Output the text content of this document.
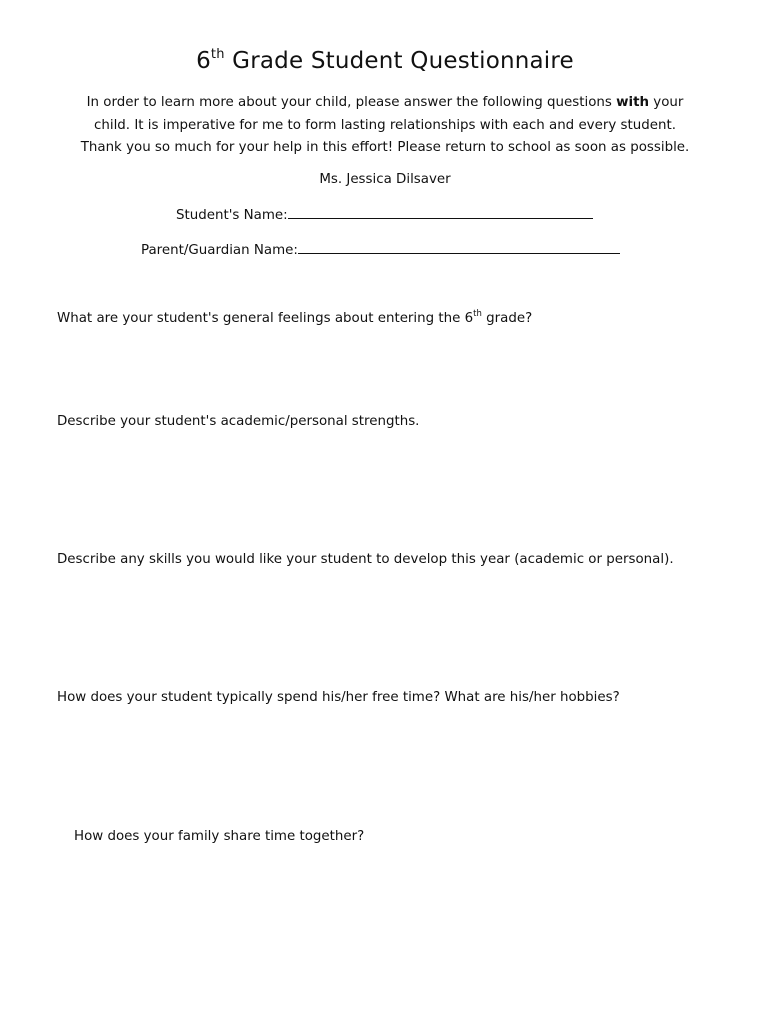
6th Grade Student Questionnaire
In order to learn more about your child, please answer the following questions with your
child. It is imperative for me to form lasting relationships with each and every student.
Thank you so much for your help in this effort! Please return to school as soon as possible.
Ms. Jessica Dilsaver
Student's Name:
Parent/Guardian Name:
What are your student's general feelings about entering the 6th grade?
Describe your student's academic/personal strengths.
Describe any skills you would like your student to develop this year (academic or personal).
How does your student typically spend his/her free time? What are his/her hobbies?
How does your family share time together?
